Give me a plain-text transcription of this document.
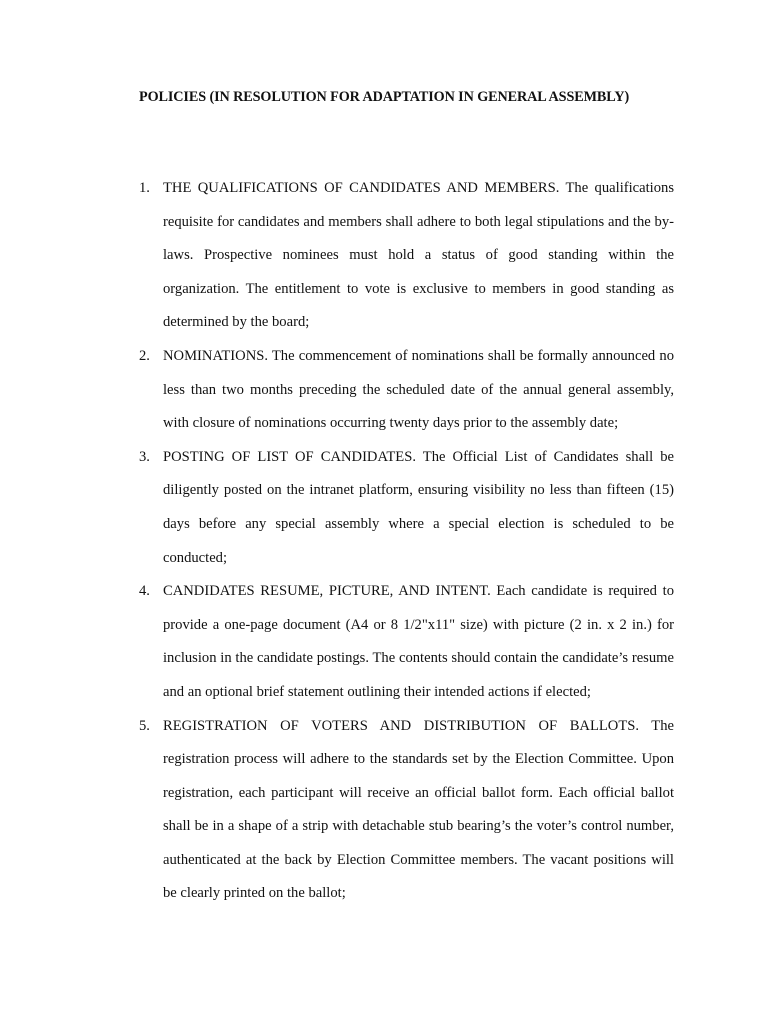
POLICIES (IN RESOLUTION FOR ADAPTATION IN GENERAL ASSEMBLY)
1. THE QUALIFICATIONS OF CANDIDATES AND MEMBERS. The qualifications requisite for candidates and members shall adhere to both legal stipulations and the by-laws. Prospective nominees must hold a status of good standing within the organization. The entitlement to vote is exclusive to members in good standing as determined by the board;
2. NOMINATIONS. The commencement of nominations shall be formally announced no less than two months preceding the scheduled date of the annual general assembly, with closure of nominations occurring twenty days prior to the assembly date;
3. POSTING OF LIST OF CANDIDATES. The Official List of Candidates shall be diligently posted on the intranet platform, ensuring visibility no less than fifteen (15) days before any special assembly where a special election is scheduled to be conducted;
4. CANDIDATES RESUME, PICTURE, AND INTENT. Each candidate is required to provide a one-page document (A4 or 8 1/2"x11" size) with picture (2 in. x 2 in.) for inclusion in the candidate postings. The contents should contain the candidate’s resume and an optional brief statement outlining their intended actions if elected;
5. REGISTRATION OF VOTERS AND DISTRIBUTION OF BALLOTS. The registration process will adhere to the standards set by the Election Committee. Upon registration, each participant will receive an official ballot form. Each official ballot shall be in a shape of a strip with detachable stub bearing’s the voter’s control number, authenticated at the back by Election Committee members. The vacant positions will be clearly printed on the ballot;
